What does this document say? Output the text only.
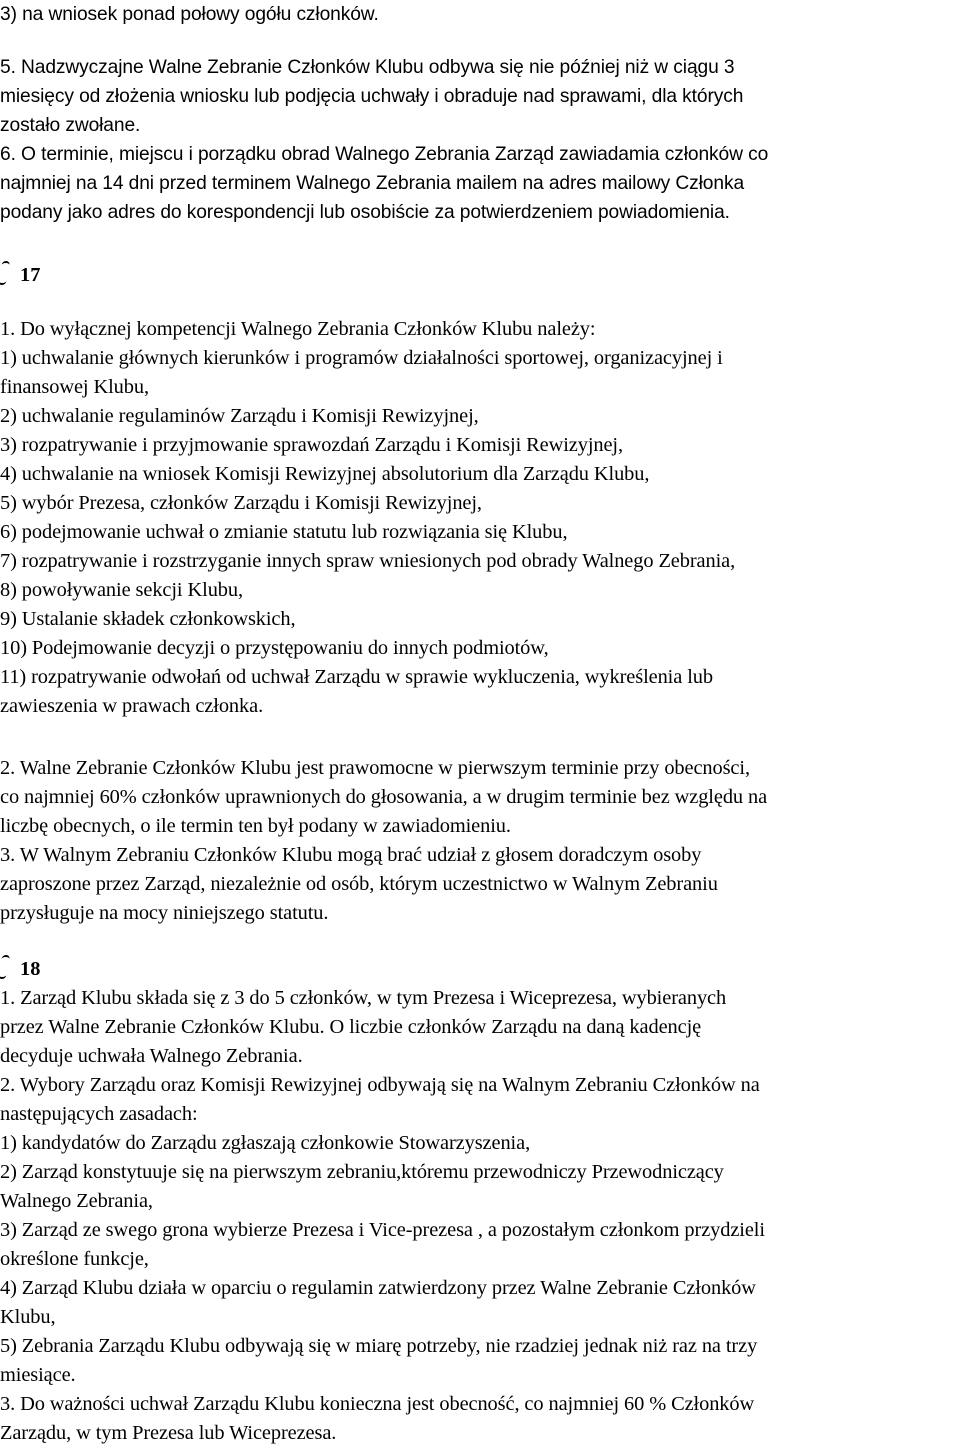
3) na wniosek ponad połowy ogółu członków.
5. Nadzwyczajne Walne Zebranie Członków Klubu odbywa się nie później niż w ciągu 3
miesięcy od złożenia wniosku lub podjęcia uchwały i obraduje nad sprawami, dla których
zostało zwołane.
6. O terminie, miejscu i porządku obrad Walnego Zebrania Zarząd zawiadamia członków co
najmniej na 14 dni przed terminem Walnego Zebrania mailem na adres mailowy Członka
podany jako adres do korespondencji lub osobiście za potwierdzeniem powiadomienia.
17
1. Do wyłącznej kompetencji Walnego Zebrania Członków Klubu należy:
1) uchwalanie głównych kierunków i programów działalności sportowej, organizacyjnej i
finansowej Klubu,
2) uchwalanie regulaminów Zarządu i Komisji Rewizyjnej,
3) rozpatrywanie i przyjmowanie sprawozdań Zarządu i Komisji Rewizyjnej,
4) uchwalanie na wniosek Komisji Rewizyjnej absolutorium dla Zarządu Klubu,
5) wybór Prezesa, członków Zarządu i Komisji Rewizyjnej,
6) podejmowanie uchwał o zmianie statutu lub rozwiązania się Klubu,
7) rozpatrywanie i rozstrzyganie innych spraw wniesionych pod obrady Walnego Zebrania,
8) powoływanie sekcji Klubu,
9) Ustalanie składek członkowskich,
10) Podejmowanie decyzji o przystępowaniu do innych podmiotów,
11) rozpatrywanie odwołań od uchwał Zarządu w sprawie wykluczenia, wykreślenia lub
zawieszenia w prawach członka.
2. Walne Zebranie Członków Klubu jest prawomocne w pierwszym terminie przy obecności,
co najmniej 60% członków uprawnionych do głosowania, a w drugim terminie bez względu na
liczbę obecnych, o ile termin ten był podany w zawiadomieniu.
3. W Walnym Zebraniu Członków Klubu mogą brać udział z głosem doradczym osoby
zaproszone przez Zarząd, niezależnie od osób, którym uczestnictwo w Walnym Zebraniu
przysługuje na mocy niniejszego statutu.
18
1. Zarząd Klubu składa się z 3 do 5 członków, w tym Prezesa i Wiceprezesa, wybieranych
przez Walne Zebranie Członków Klubu. O liczbie członków Zarządu na daną kadencję
decyduje uchwała Walnego Zebrania.
2. Wybory Zarządu oraz Komisji Rewizyjnej odbywają się na Walnym Zebraniu Członków na
następujących zasadach:
1) kandydatów do Zarządu zgłaszają członkowie Stowarzyszenia,
2) Zarząd konstytuuje się na pierwszym zebraniu,któremu przewodniczy Przewodniczący
Walnego Zebrania,
3) Zarząd ze swego grona wybierze Prezesa i Vice-prezesa , a pozostałym członkom przydzieli
określone funkcje,
4) Zarząd Klubu działa w oparciu o regulamin zatwierdzony przez Walne Zebranie Członków
Klubu,
5) Zebrania Zarządu Klubu odbywają się w miarę potrzeby, nie rzadziej jednak niż raz na trzy
miesiące.
3. Do ważności uchwał Zarządu Klubu konieczna jest obecność, co najmniej 60 % Członków
Zarządu, w tym Prezesa lub Wiceprezesa.
